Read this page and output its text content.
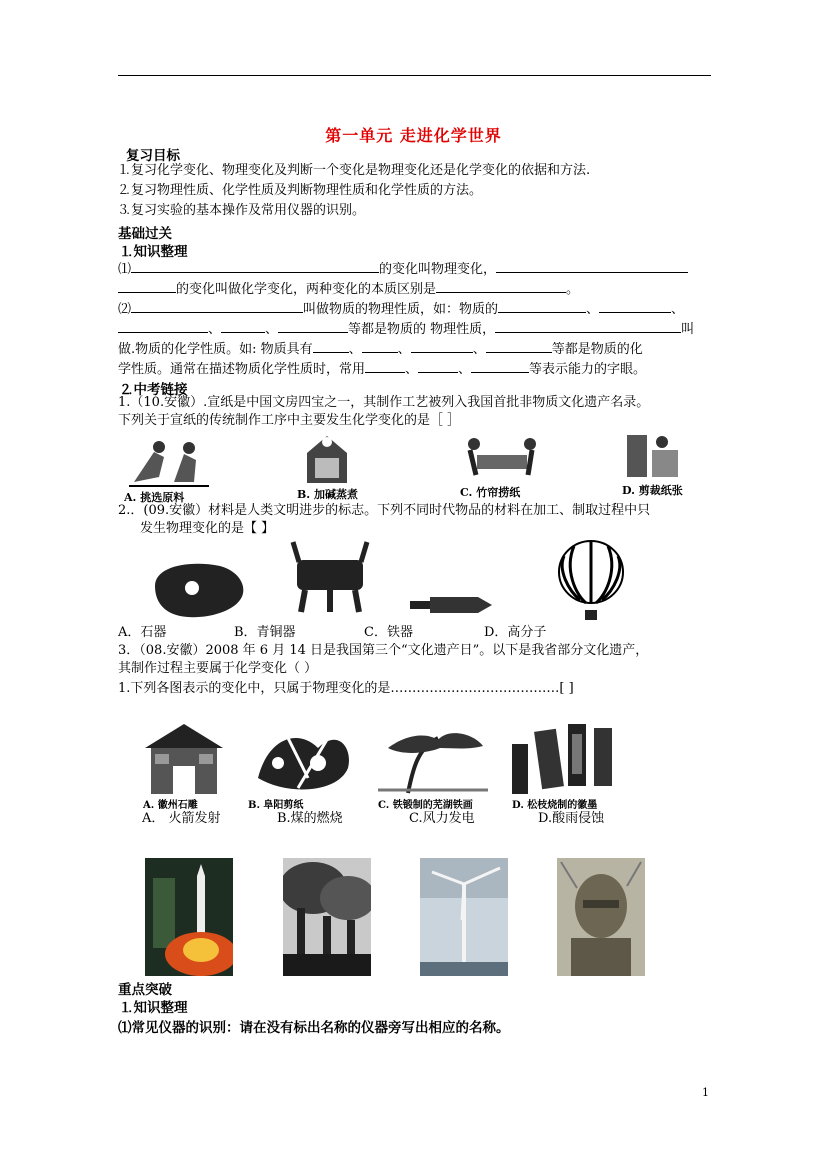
第一单元 走进化学世界
复习目标
⒈复习化学变化、物理变化及判断一个变化是物理变化还是化学变化的依据和方法.
⒉复习物理性质、化学性质及判断物理性质和化学性质的方法。
⒊复习实验的基本操作及常用仪器的识别。
基础过关
⒈知识整理
⑴	的变化叫物理变化，
的变化叫做化学变化，两种变化的本质区别是	。
⑵	叫做物质的物理性质，如：物质的	、	、
、	、	等都是物质的 物理性质，	叫
做.物质的化学性质。如: 物质具有	、	、	、	等都是物质的化
学性质。通常在描述物质化学性质时，常用	、	、	等表示能力的字眼。
⒉中考链接
1.（10.安徽）.宣纸是中国文房四宝之一，其制作工艺被列入我国首批非物质文化遗产名录。
下列关于宣纸的传统制作工序中主要发生化学变化的是［ ］
A. 挑选原料	B. 加碱蒸煮	C. 竹帘捞纸	D. 剪裁纸张
2.．(09.安徽）材料是人类文明进步的标志。下列不同时代物品的材料在加工、制取过程中只
发生物理变化的是【 】
A．石器	B．青铜器	C．铁器	D．高分子
3．（08.安徽）2008 年 6 月 14 日是我国第三个“文化遗产日”。以下是我省部分文化遗产，
其制作过程主要属于化学变化（ ）
1.下列各图表示的变化中，只属于物理变化的是…………………………………[ ]
A. 徽州石雕	B. 阜阳剪纸	C. 铁锻制的芜湖铁画	D. 松枝烧制的徽墨
A． 火箭发射	B.煤的燃烧	C.风力发电	D.酸雨侵蚀
重点突破
⒈知识整理
⑴常见仪器的识别：请在没有标出名称的仪器旁写出相应的名称。
1
